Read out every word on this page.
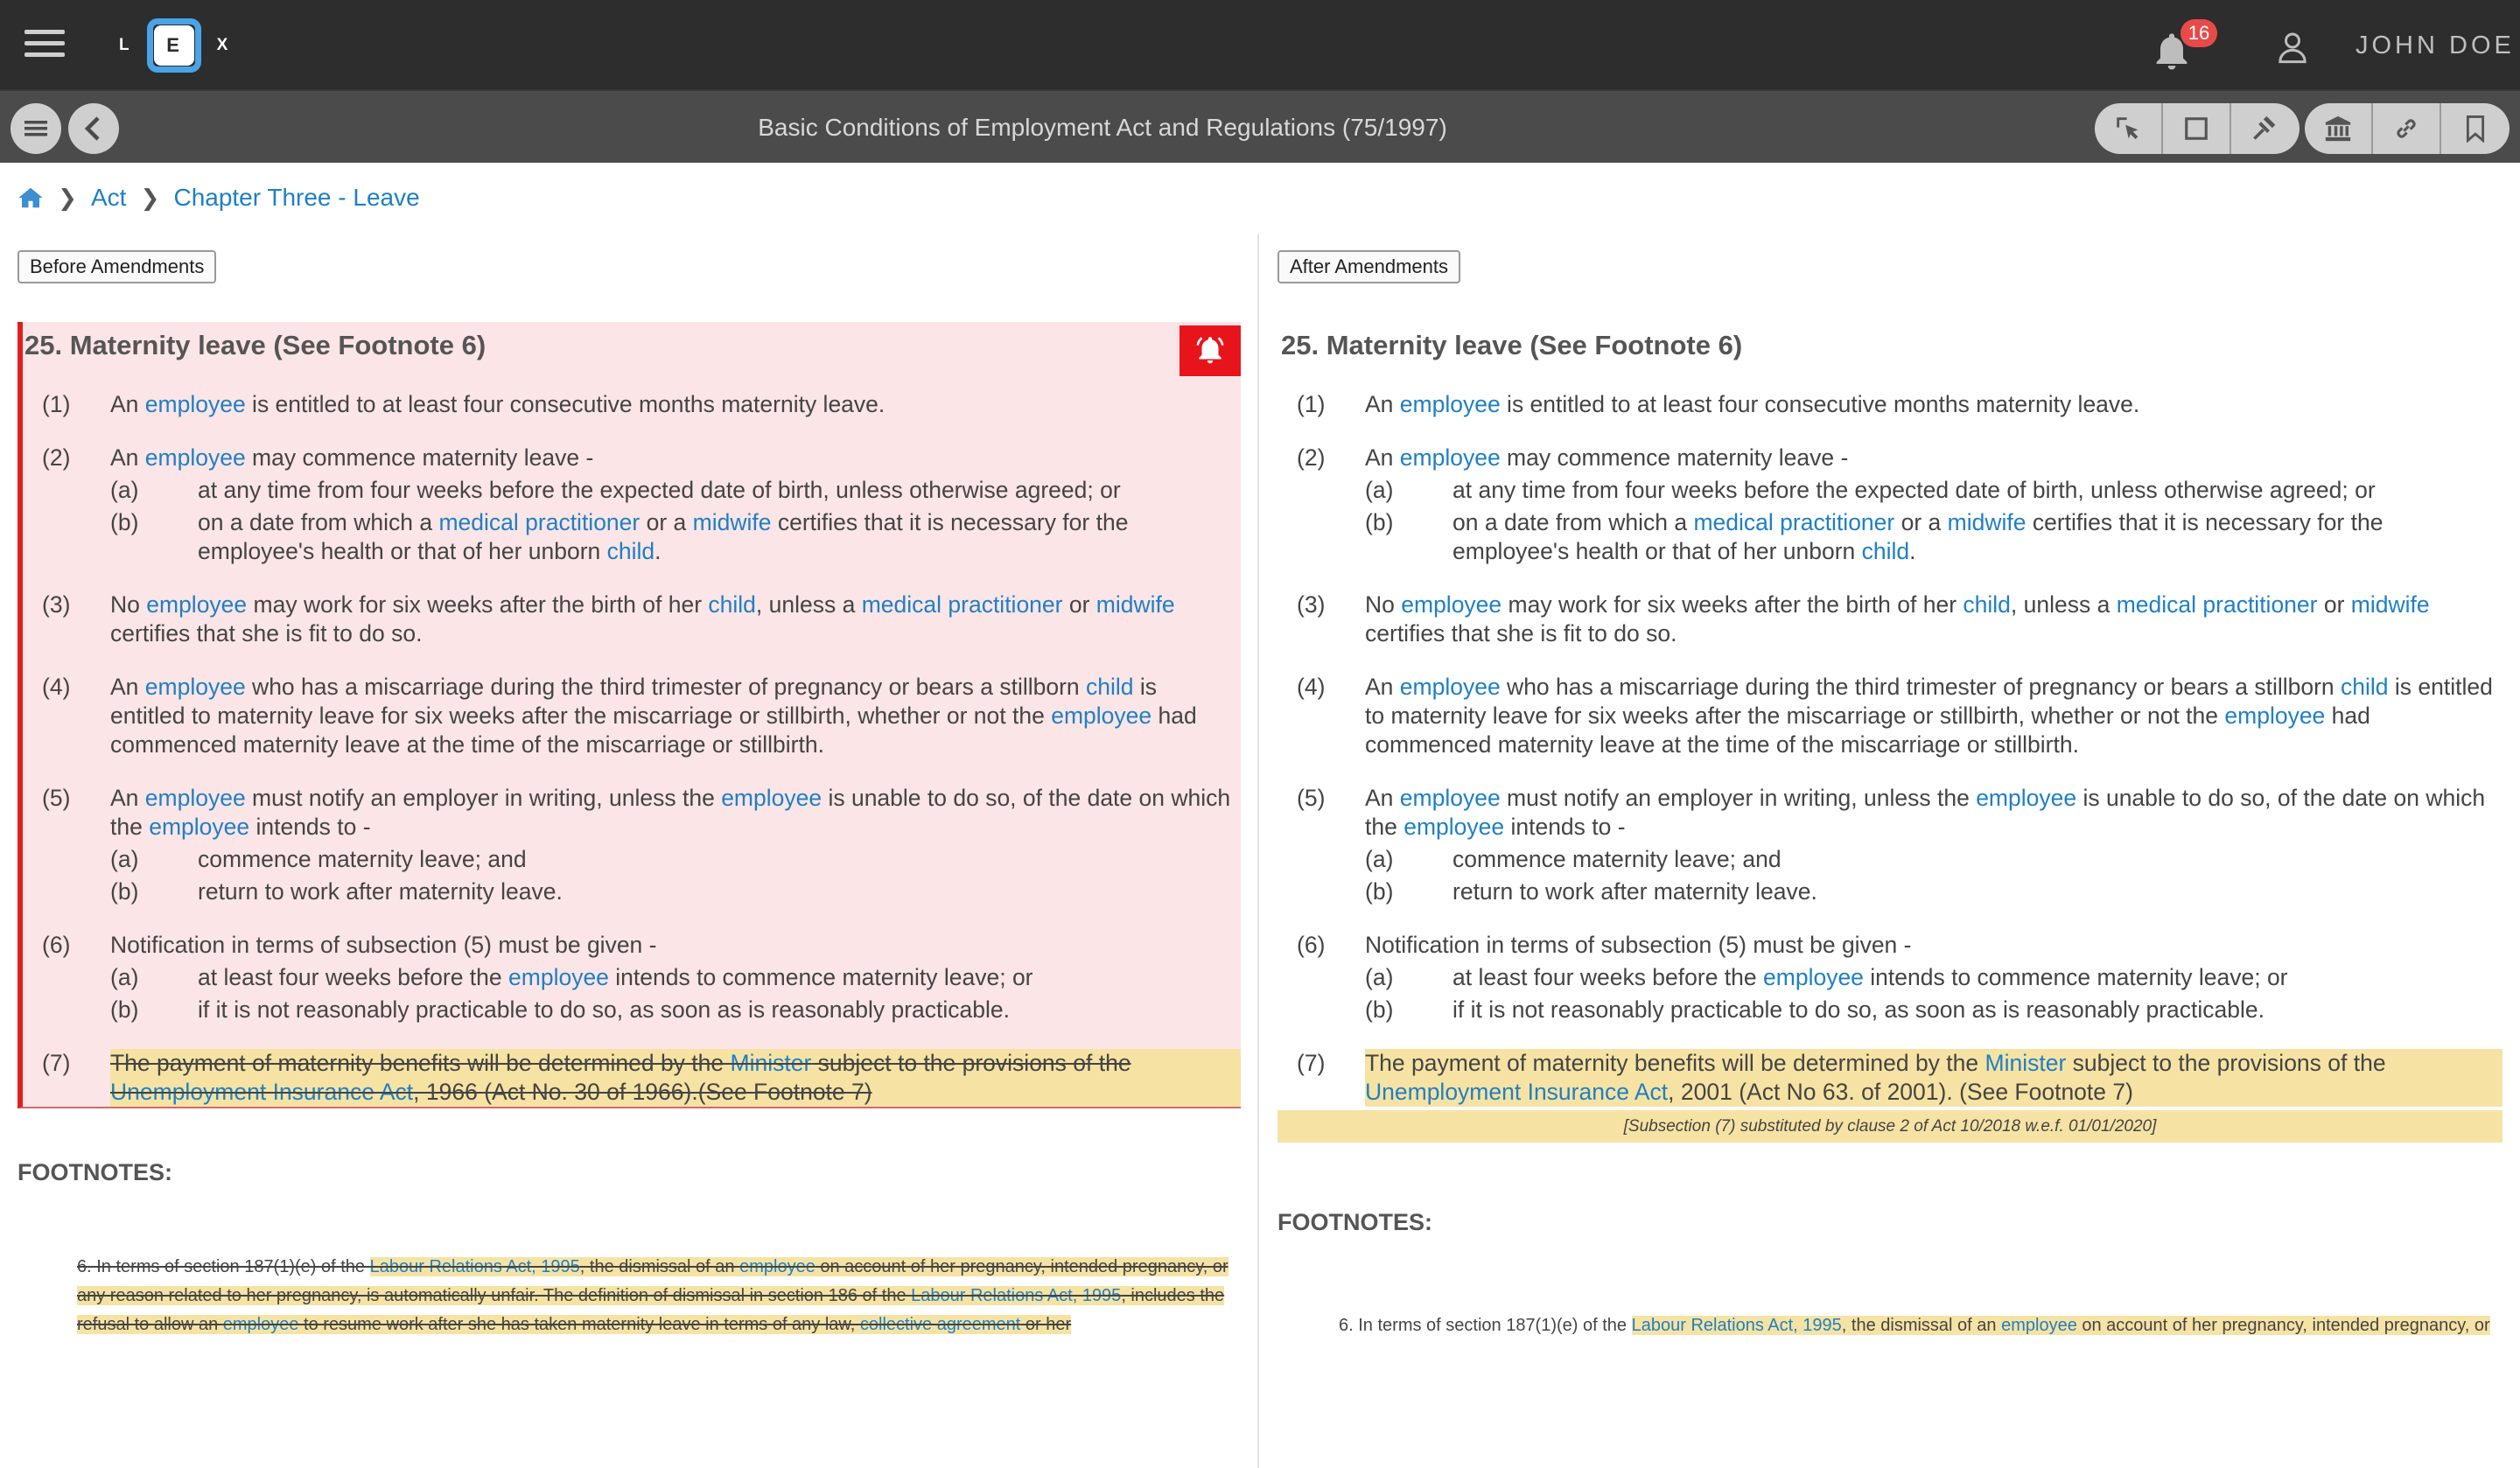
L	E	X
16	JOHN DOE
Basic Conditions of Employment Act and Regulations (75/1997)
❯ Act ❯ Chapter Three - Leave
Before Amendments
25. Maternity leave (See Footnote 6)
(1)	An employee is entitled to at least four consecutive months maternity leave.
(2)	An employee may commence maternity leave -
(a)	at any time from four weeks before the expected date of birth, unless otherwise agreed; or
(b)	on a date from which a medical practitioner or a midwife certifies that it is necessary for the employee's health or that of her unborn child.
(3)	No employee may work for six weeks after the birth of her child, unless a medical practitioner or midwife certifies that she is fit to do so.
(4)	An employee who has a miscarriage during the third trimester of pregnancy or bears a stillborn child is entitled to maternity leave for six weeks after the miscarriage or stillbirth, whether or not the employee had commenced maternity leave at the time of the miscarriage or stillbirth.
(5)	An employee must notify an employer in writing, unless the employee is unable to do so, of the date on which the employee intends to -
(a)	commence maternity leave; and
(b)	return to work after maternity leave.
(6)	Notification in terms of subsection (5) must be given -
(a)	at least four weeks before the employee intends to commence maternity leave; or
(b)	if it is not reasonably practicable to do so, as soon as is reasonably practicable.
(7)	The payment of maternity benefits will be determined by the Minister subject to the provisions of the Unemployment Insurance Act, 1966 (Act No. 30 of 1966).(See Footnote 7)
FOOTNOTES:
6. In terms of section 187(1)(e) of the Labour Relations Act, 1995, the dismissal of an employee on account of her pregnancy, intended pregnancy, or any reason related to her pregnancy, is automatically unfair. The definition of dismissal in section 186 of the Labour Relations Act, 1995, includes the refusal to allow an employee to resume work after she has taken maternity leave in terms of any law, collective agreement or her
After Amendments
25. Maternity leave (See Footnote 6)
(1)	An employee is entitled to at least four consecutive months maternity leave.
(2)	An employee may commence maternity leave -
(a)	at any time from four weeks before the expected date of birth, unless otherwise agreed; or
(b)	on a date from which a medical practitioner or a midwife certifies that it is necessary for the employee's health or that of her unborn child.
(3)	No employee may work for six weeks after the birth of her child, unless a medical practitioner or midwife certifies that she is fit to do so.
(4)	An employee who has a miscarriage during the third trimester of pregnancy or bears a stillborn child is entitled to maternity leave for six weeks after the miscarriage or stillbirth, whether or not the employee had commenced maternity leave at the time of the miscarriage or stillbirth.
(5)	An employee must notify an employer in writing, unless the employee is unable to do so, of the date on which the employee intends to -
(a)	commence maternity leave; and
(b)	return to work after maternity leave.
(6)	Notification in terms of subsection (5) must be given -
(a)	at least four weeks before the employee intends to commence maternity leave; or
(b)	if it is not reasonably practicable to do so, as soon as is reasonably practicable.
(7)	The payment of maternity benefits will be determined by the Minister subject to the provisions of the Unemployment Insurance Act, 2001 (Act No 63. of 2001). (See Footnote 7)
[Subsection (7) substituted by clause 2 of Act 10/2018 w.e.f. 01/01/2020]
FOOTNOTES:
6. In terms of section 187(1)(e) of the Labour Relations Act, 1995, the dismissal of an employee on account of her pregnancy, intended pregnancy, or
